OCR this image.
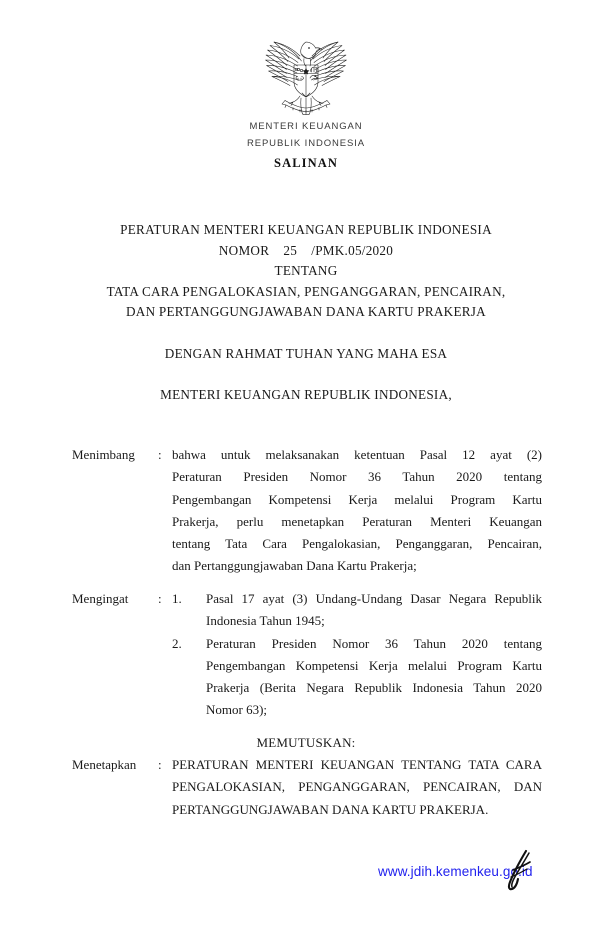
MENTERI KEUANGAN
REPUBLIK INDONESIA
SALINAN
PERATURAN MENTERI KEUANGAN REPUBLIK INDONESIA
NOMOR    25    /PMK.05/2020
TENTANG
TATA CARA PENGALOKASIAN, PENGANGGARAN, PENCAIRAN,
DAN PERTANGGUNGJAWABAN DANA KARTU PRAKERJA
DENGAN RAHMAT TUHAN YANG MAHA ESA
MENTERI KEUANGAN REPUBLIK INDONESIA,
Menimbang	: bahwa untuk melaksanakan ketentuan Pasal 12 ayat (2)
Peraturan Presiden Nomor 36 Tahun 2020 tentang
Pengembangan Kompetensi Kerja melalui Program Kartu
Prakerja, perlu menetapkan Peraturan Menteri Keuangan
tentang Tata Cara Pengalokasian, Penganggaran, Pencairan,
dan Pertanggungjawaban Dana Kartu Prakerja;
Mengingat	: 1.	Pasal 17 ayat (3) Undang-Undang Dasar Negara Republik
Indonesia Tahun 1945;
2.	Peraturan Presiden Nomor 36 Tahun 2020 tentang
Pengembangan Kompetensi Kerja melalui Program Kartu
Prakerja (Berita Negara Republik Indonesia Tahun 2020
Nomor 63);
MEMUTUSKAN:
Menetapkan	: PERATURAN MENTERI KEUANGAN TENTANG TATA CARA
PENGALOKASIAN, PENGANGGARAN, PENCAIRAN, DAN
PERTANGGUNGJAWABAN DANA KARTU PRAKERJA.
www.jdih.kemenkeu.go.id
